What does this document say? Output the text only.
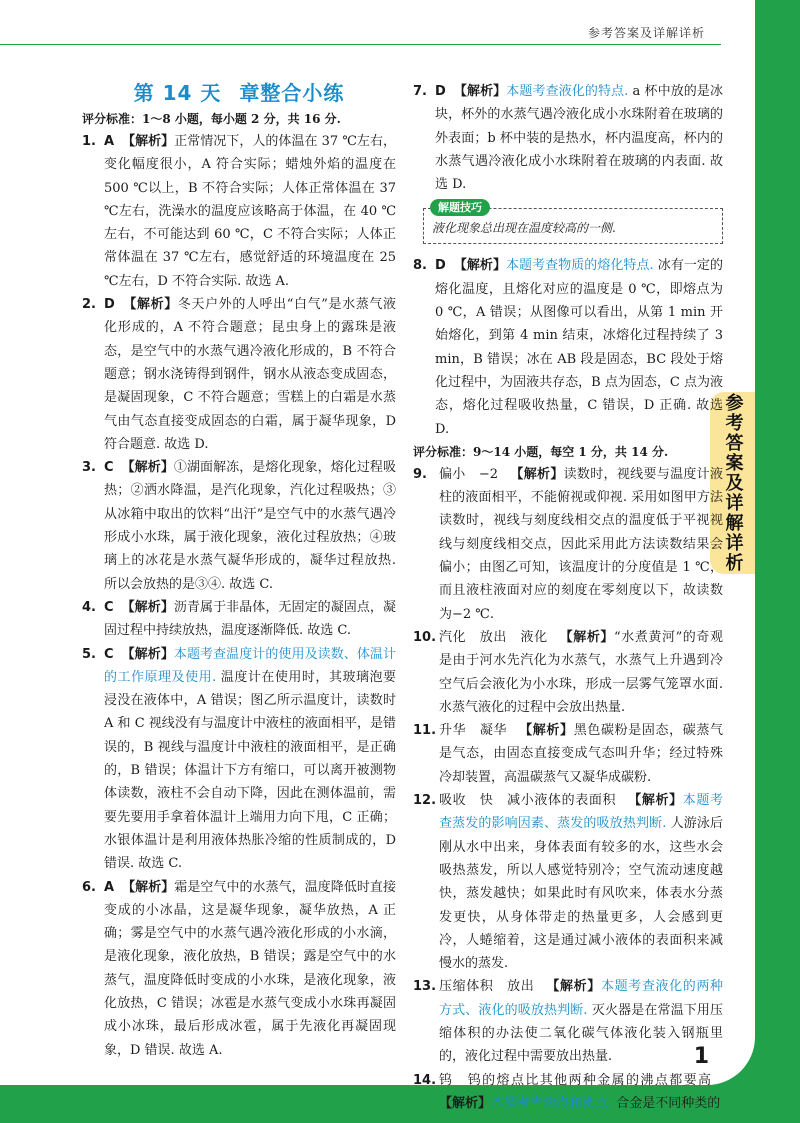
参考答案及详解详析
参考答案及详解详析
第 14 天 章整合小练
评分标准：1～8 小题，每小题 2 分，共 16 分.
1. A 【解析】正常情况下，人的体温在 37 ℃左右，变化幅度很小，A 符合实际；蜡烛外焰的温度在 500 ℃以上，B 不符合实际；人体正常体温在 37 ℃左右，洗澡水的温度应该略高于体温，在 40 ℃左右，不可能达到 60 ℃，C 不符合实际；人体正常体温在 37 ℃左右，感觉舒适的环境温度在 25 ℃左右，D 不符合实际. 故选 A.
2. D 【解析】冬天户外的人呼出“白气”是水蒸气液化形成的，A 不符合题意；昆虫身上的露珠是液态，是空气中的水蒸气遇冷液化形成的，B 不符合题意；钢水浇铸得到钢件，钢水从液态变成固态，是凝固现象，C 不符合题意；雪糕上的白霜是水蒸气由气态直接变成固态的白霜，属于凝华现象，D 符合题意. 故选 D.
3. C 【解析】①湖面解冻，是熔化现象，熔化过程吸热；②洒水降温，是汽化现象，汽化过程吸热；③从冰箱中取出的饮料“出汗”是空气中的水蒸气遇冷形成小水珠，属于液化现象，液化过程放热；④玻璃上的冰花是水蒸气凝华形成的，凝华过程放热. 所以会放热的是③④. 故选 C.
4. C 【解析】沥青属于非晶体，无固定的凝固点，凝固过程中持续放热，温度逐渐降低. 故选 C.
5. C 【解析】本题考查温度计的使用及读数、体温计的工作原理及使用. 温度计在使用时，其玻璃泡要浸没在液体中，A 错误；图乙所示温度计，读数时 A 和 C 视线没有与温度计中液柱的液面相平，是错误的，B 视线与温度计中液柱的液面相平，是正确的，B 错误；体温计下方有缩口，可以离开被测物体读数，液柱不会自动下降，因此在测体温前，需要先要用手拿着体温计上端用力向下甩，C 正确；水银体温计是利用液体热胀冷缩的性质制成的，D 错误. 故选 C.
6. A 【解析】霜是空气中的水蒸气，温度降低时直接变成的小冰晶，这是凝华现象，凝华放热，A 正确；雾是空气中的水蒸气遇冷液化形成的小水滴，是液化现象，液化放热，B 错误；露是空气中的水蒸气，温度降低时变成的小水珠，是液化现象，液化放热，C 错误；冰雹是水蒸气变成小水珠再凝固成小冰珠，最后形成冰雹，属于先液化再凝固现象，D 错误. 故选 A.
7. D 【解析】本题考查液化的特点. a 杯中放的是冰块，杯外的水蒸气遇冷液化成小水珠附着在玻璃的外表面；b 杯中装的是热水，杯内温度高，杯内的水蒸气遇冷液化成小水珠附着在玻璃的内表面. 故选 D.
解题技巧
液化现象总出现在温度较高的一侧.
8. D 【解析】本题考查物质的熔化特点. 冰有一定的熔化温度，且熔化对应的温度是 0 ℃，即熔点为 0 ℃，A 错误；从图像可以看出，从第 1 min 开始熔化，到第 4 min 结束，冰熔化过程持续了 3 min，B 错误；冰在 AB 段是固态，BC 段处于熔化过程中，为固液共存态，B 点为固态，C 点为液态，熔化过程吸收热量，C 错误，D 正确. 故选 D.
评分标准：9～14 小题，每空 1 分，共 14 分.
9. 偏小　−2 【解析】读数时，视线要与温度计液柱的液面相平，不能俯视或仰视. 采用如图甲方法读数时，视线与刻度线相交点的温度低于平视视线与刻度线相交点，因此采用此方法读数结果会偏小；由图乙可知，该温度计的分度值是 1 ℃，而且液柱液面对应的刻度在零刻度以下，故读数为−2 ℃.
10. 汽化　放出　液化 【解析】“水煮黄河”的奇观是由于河水先汽化为水蒸气，水蒸气上升遇到冷空气后会液化为小水珠，形成一层雾气笼罩水面. 水蒸气液化的过程中会放出热量.
11. 升华　凝华 【解析】黑色碳粉是固态，碳蒸气是气态，由固态直接变成气态叫升华；经过特殊冷却装置，高温碳蒸气又凝华成碳粉.
12. 吸收　快　减小液体的表面积 【解析】本题考查蒸发的影响因素、蒸发的吸放热判断. 人游泳后刚从水中出来，身体表面有较多的水，这些水会吸热蒸发，所以人感觉特别冷；空气流动速度越快，蒸发越快；如果此时有风吹来，体表水分蒸发更快，从身体带走的热量更多，人会感到更冷，人蜷缩着，这是通过减小液体的表面积来减慢水的蒸发.
13. 压缩体积　放出 【解析】本题考查液化的两种方式、液化的吸放热判断. 灭火器是在常温下用压缩体积的办法使二氧化碳气体液化装入钢瓶里的，液化过程中需要放出热量.
14. 钨　钨的熔点比其他两种金属的沸点都要高【解析】本题考查熔点和沸点. 合金是不同种类的
1
